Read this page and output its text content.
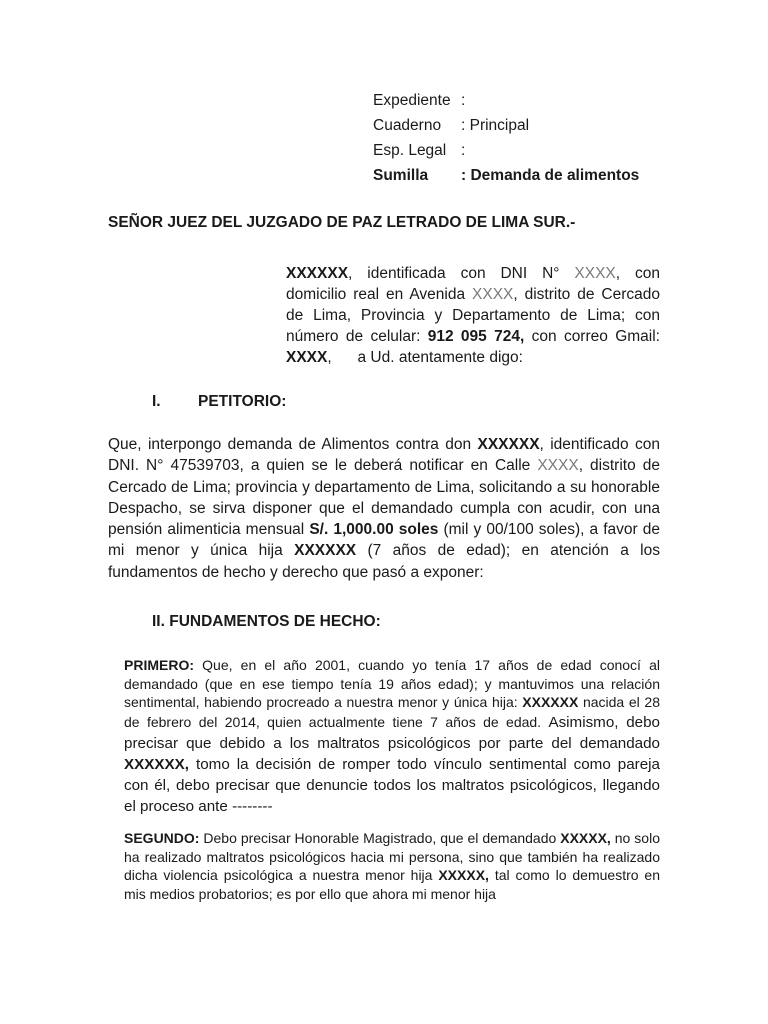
Expediente :
Cuaderno	: Principal
Esp. Legal :
Sumilla	: Demanda de alimentos
SEÑOR JUEZ DEL JUZGADO DE PAZ LETRADO DE LIMA SUR.-
XXXXXX, identificada con DNI N° XXXX, con domicilio real en Avenida XXXX, distrito de Cercado de Lima, Provincia y Departamento de Lima; con número de celular: 912 095 724, con correo Gmail: XXXX,      a Ud. atentamente digo:
I. PETITORIO:
Que, interpongo demanda de Alimentos contra don XXXXXX, identificado con DNI. N° 47539703, a quien se le deberá notificar en Calle XXXX, distrito de Cercado de Lima; provincia y departamento de Lima, solicitando a su honorable Despacho, se sirva disponer que el demandado cumpla con acudir, con una pensión alimenticia mensual S/. 1,000.00 soles (mil y 00/100 soles), a favor de mi menor y única hija XXXXXX (7 años de edad); en atención a los fundamentos de hecho y derecho que pasó a exponer:
II. FUNDAMENTOS DE HECHO:
PRIMERO: Que, en el año 2001, cuando yo tenía 17 años de edad conocí al demandado (que en ese tiempo tenía 19 años edad); y mantuvimos una relación sentimental, habiendo procreado a nuestra menor y única hija: XXXXXX nacida el 28 de febrero del 2014, quien actualmente tiene 7 años de edad. Asimismo, debo precisar que debido a los maltratos psicológicos por parte del demandado XXXXXX, tomo la decisión de romper todo vínculo sentimental como pareja con él, debo precisar que denuncie todos los maltratos psicológicos, llegando el proceso ante --------
SEGUNDO: Debo precisar Honorable Magistrado, que el demandado XXXXX, no solo ha realizado maltratos psicológicos hacia mi persona, sino que también ha realizado dicha violencia psicológica a nuestra menor hija XXXXX, tal como lo demuestro en mis medios probatorios; es por ello que ahora mi menor hija
